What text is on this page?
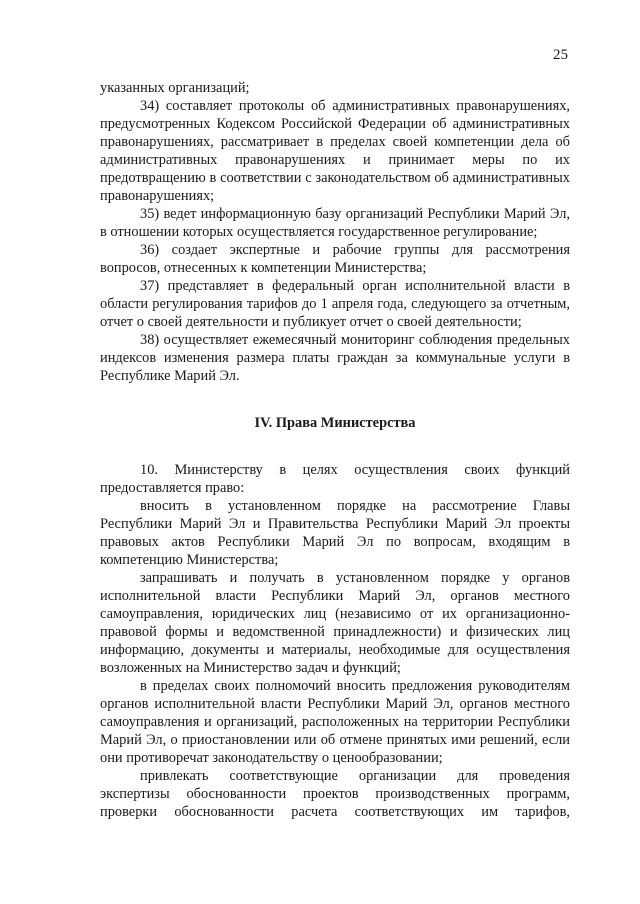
25

указанных организаций;

34) составляет протоколы об административных правонарушениях, предусмотренных Кодексом Российской Федерации об административных правонарушениях, рассматривает в пределах своей компетенции дела об административных правонарушениях и принимает меры по их предотвращению в соответствии с законодательством об административных правонарушениях;

35) ведет информационную базу организаций Республики Марий Эл, в отношении которых осуществляется государственное регулирование;

36) создает экспертные и рабочие группы для рассмотрения вопросов, отнесенных к компетенции Министерства;

37) представляет в федеральный орган исполнительной власти в области регулирования тарифов до 1 апреля года, следующего за отчетным, отчет о своей деятельности и публикует отчет о своей деятельности;

38) осуществляет ежемесячный мониторинг соблюдения предельных индексов изменения размера платы граждан за коммунальные услуги в Республике Марий Эл.

IV. Права Министерства

10. Министерству в целях осуществления своих функций предоставляется право:

вносить в установленном порядке на рассмотрение Главы Республики Марий Эл и Правительства Республики Марий Эл проекты правовых актов Республики Марий Эл по вопросам, входящим в компетенцию Министерства;

запрашивать и получать в установленном порядке у органов исполнительной власти Республики Марий Эл, органов местного самоуправления, юридических лиц (независимо от их организационно-правовой формы и ведомственной принадлежности) и физических лиц информацию, документы и материалы, необходимые для осуществления возложенных на Министерство задач и функций;

в пределах своих полномочий вносить предложения руководителям органов исполнительной власти Республики Марий Эл, органов местного самоуправления и организаций, расположенных на территории Республики Марий Эл, о приостановлении или об отмене принятых ими решений, если они противоречат законодательству о ценообразовании;

привлекать соответствующие организации для проведения экспертизы обоснованности проектов производственных программ, проверки обоснованности расчета соответствующих им тарифов,
